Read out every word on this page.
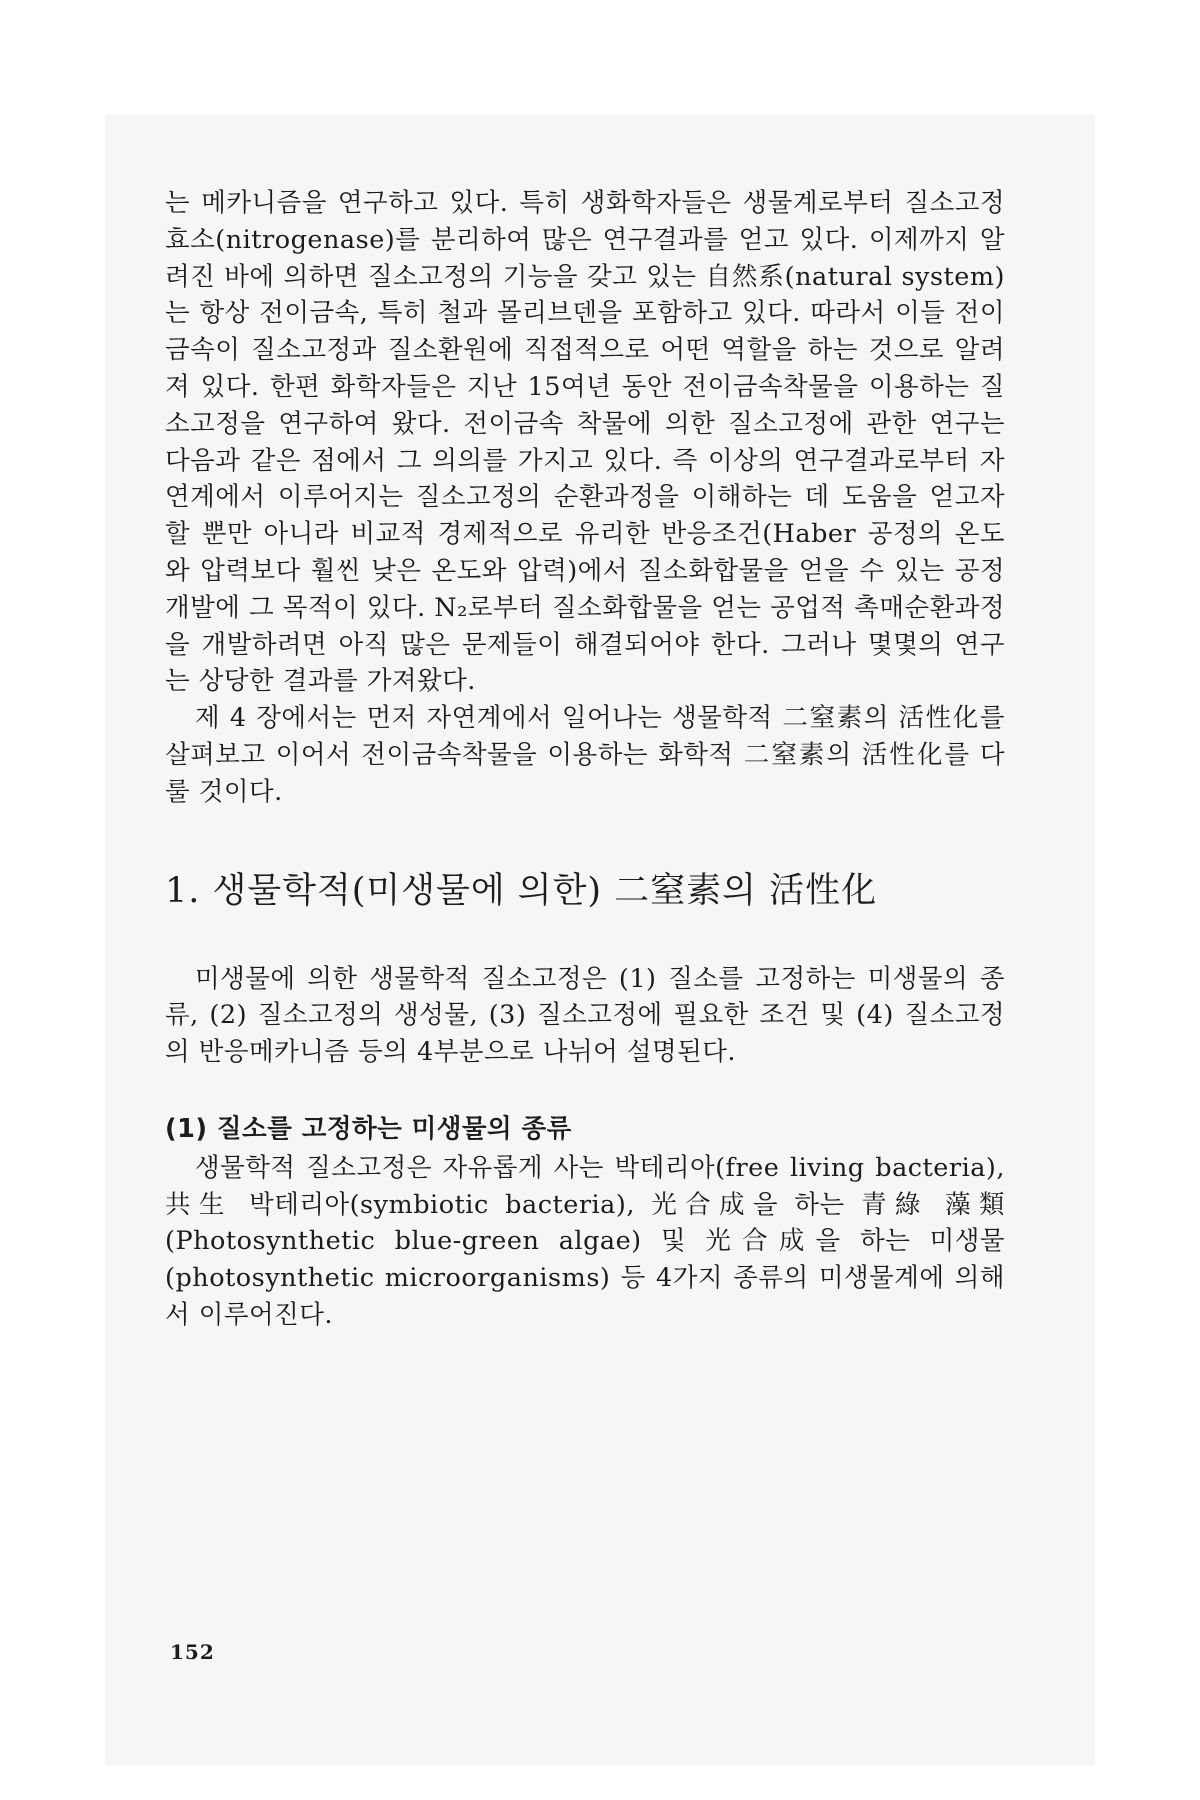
는 메카니즘을 연구하고 있다. 특히 생화학자들은 생물계로부터 질소고정효소(nitrogenase)를 분리하여 많은 연구결과를 얻고 있다. 이제까지 알려진 바에 의하면 질소고정의 기능을 갖고 있는 自然系(natural system)는 항상 전이금속, 특히 철과 몰리브덴을 포함하고 있다. 따라서 이들 전이금속이 질소고정과 질소환원에 직접적으로 어떤 역할을 하는 것으로 알려져 있다. 한편 화학자들은 지난 15여년 동안 전이금속착물을 이용하는 질소고정을 연구하여 왔다. 전이금속 착물에 의한 질소고정에 관한 연구는 다음과 같은 점에서 그 의의를 가지고 있다. 즉 이상의 연구결과로부터 자연계에서 이루어지는 질소고정의 순환과정을 이해하는 데 도움을 얻고자 할 뿐만 아니라 비교적 경제적으로 유리한 반응조건(Haber 공정의 온도와 압력보다 훨씬 낮은 온도와 압력)에서 질소화합물을 얻을 수 있는 공정개발에 그 목적이 있다. N₂로부터 질소화합물을 얻는 공업적 촉매순환과정을 개발하려면 아직 많은 문제들이 해결되어야 한다. 그러나 몇몇의 연구는 상당한 결과를 가져왔다.

제 4 장에서는 먼저 자연계에서 일어나는 생물학적 二窒素의 活性化를 살펴보고 이어서 전이금속착물을 이용하는 화학적 二窒素의 活性化를 다룰 것이다.

1. 생물학적(미생물에 의한) 二窒素의 活性化

미생물에 의한 생물학적 질소고정은 (1) 질소를 고정하는 미생물의 종류, (2) 질소고정의 생성물, (3) 질소고정에 필요한 조건 및 (4) 질소고정의 반응메카니즘 등의 4부분으로 나뉘어 설명된다.

(1) 질소를 고정하는 미생물의 종류

생물학적 질소고정은 자유롭게 사는 박테리아(free living bacteria), 共生 박테리아(symbiotic bacteria), 光合成을 하는 青綠 藻類(Photosynthetic blue-green algae) 및 光合成을 하는 미생물(photosynthetic microorganisms) 등 4가지 종류의 미생물계에 의해서 이루어진다.

152
